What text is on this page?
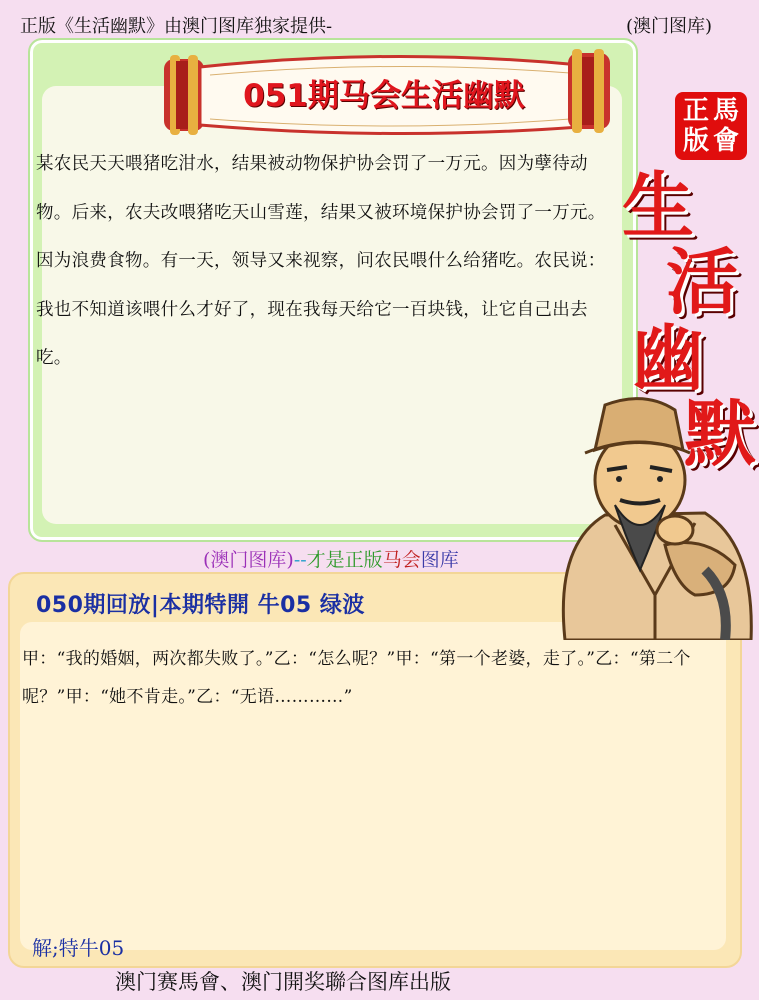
正版《生活幽默》由澳门图库独家提供-	(澳门图库)
051期马会生活幽默
某农民天天喂猪吃泔水，结果被动物保护协会罚了一万元。因为孽待动物。后来，农夫改喂猪吃天山雪莲，结果又被环境保护协会罚了一万元。因为浪费食物。有一天，领导又来视察，问农民喂什么给猪吃。农民说：我也不知道该喂什么才好了，现在我每天给它一百块钱，让它自己出去吃。
正 馬
版 會
生
活
幽
默
(澳门图库)--才是正版马会图库
050期回放|本期特開 牛05 绿波
甲：“我的婚姻，两次都失败了。”乙：“怎么呢？”甲：“第一个老婆，走了。”乙：“第二个呢？”甲：“她不肯走。”乙：“无语…………”
解;特牛05
澳门赛馬會、澳门開奖聯合图库出版
